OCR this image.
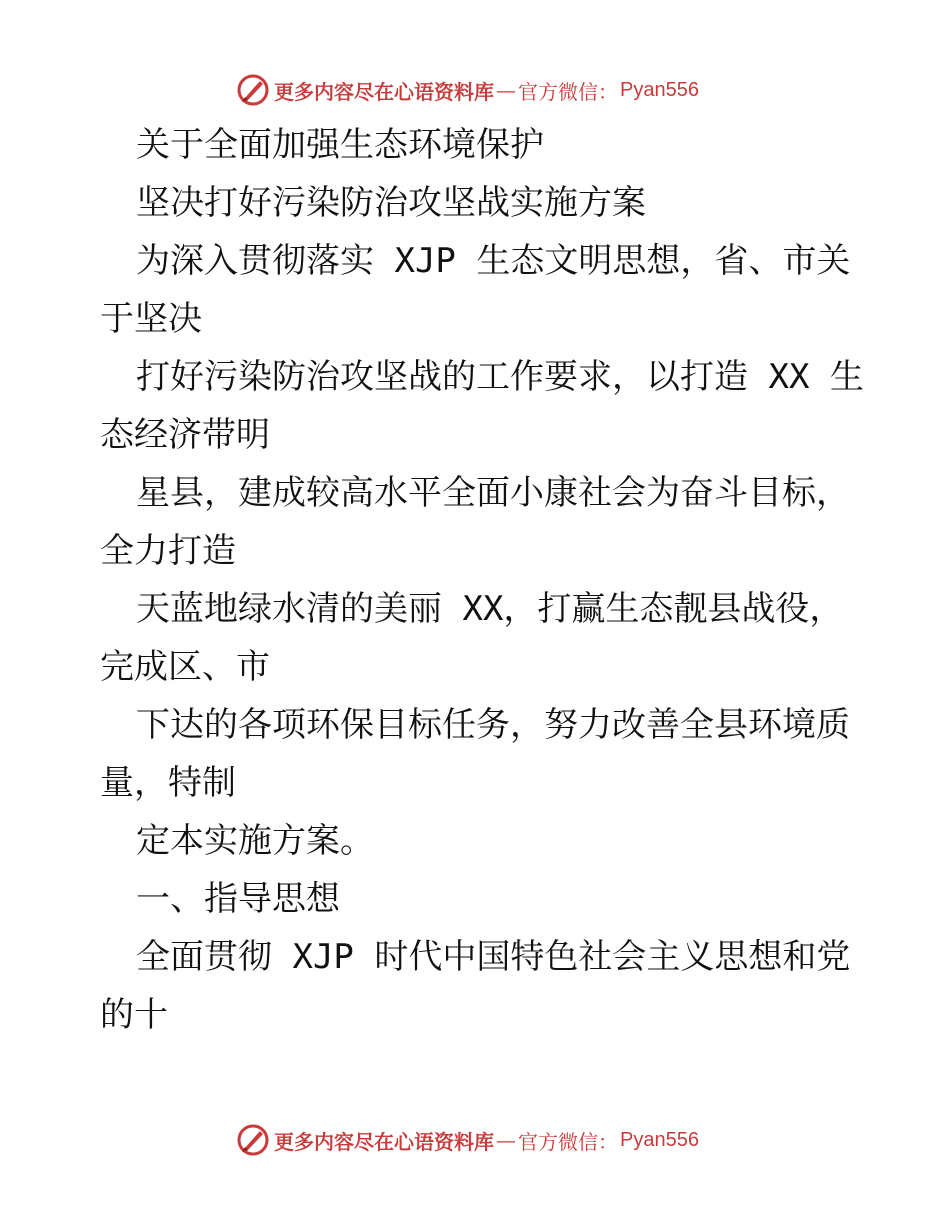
更多内容尽在心语资料库 — 官方微信： Pyan556
关于全面加强生态环境保护
坚决打好污染防治攻坚战实施方案
为深入贯彻落实 XJP 生态文明思想，省、市关
于坚决
打好污染防治攻坚战的工作要求，以打造 XX 生
态经济带明
星县，建成较高水平全面小康社会为奋斗目标，
全力打造
天蓝地绿水清的美丽 XX，打赢生态靓县战役，
完成区、市
下达的各项环保目标任务，努力改善全县环境质
量，特制
定本实施方案。
一、指导思想
全面贯彻 XJP 时代中国特色社会主义思想和党
的十
更多内容尽在心语资料库 — 官方微信： Pyan556
